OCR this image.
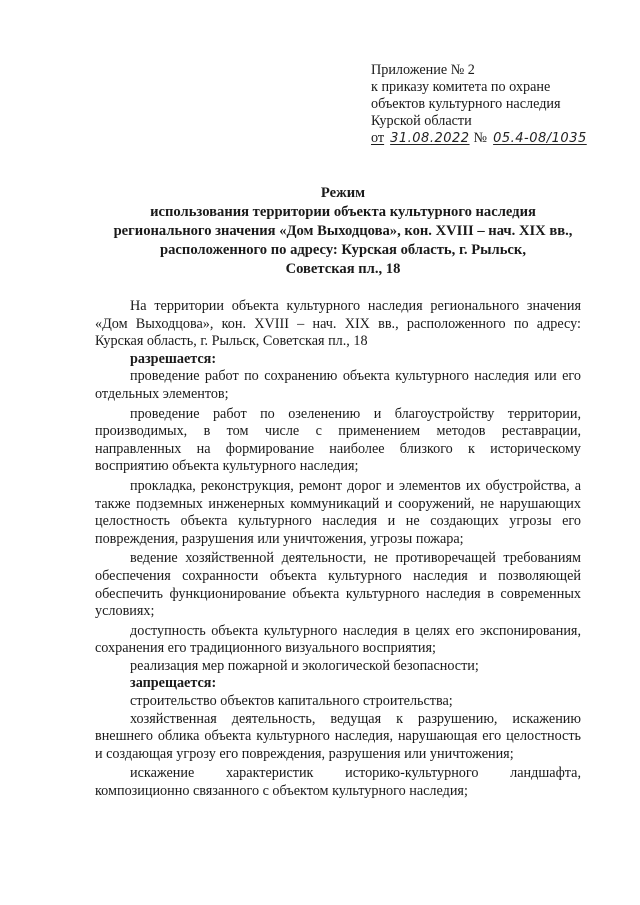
Приложение № 2
к приказу комитета по охране
объектов культурного наследия
Курской области
от 31.08.2022 № 05.4-08/1035
Режим
использования территории объекта культурного наследия
регионального значения «Дом Выходцова», кон. XVIII – нач. XIX вв.,
расположенного по адресу: Курская область, г. Рыльск,
Советская пл., 18

На территории объекта культурного наследия регионального значения «Дом Выходцова», кон. XVIII – нач. XIX вв., расположенного по адресу: Курская область, г. Рыльск, Советская пл., 18

разрешается:

проведение работ по сохранению объекта культурного наследия или его отдельных элементов;

проведение работ по озеленению и благоустройству территории, производимых, в том числе с применением методов реставрации, направленных на формирование наиболее близкого к историческому восприятию объекта культурного наследия;

прокладка, реконструкция, ремонт дорог и элементов их обустройства, а также подземных инженерных коммуникаций и сооружений, не нарушающих целостность объекта культурного наследия и не создающих угрозы его повреждения, разрушения или уничтожения, угрозы пожара;

ведение хозяйственной деятельности, не противоречащей требованиям обеспечения сохранности объекта культурного наследия и позволяющей обеспечить функционирование объекта культурного наследия в современных условиях;

доступность объекта культурного наследия в целях его экспонирования, сохранения его традиционного визуального восприятия;

реализация мер пожарной и экологической безопасности;

запрещается:

строительство объектов капитального строительства;

хозяйственная деятельность, ведущая к разрушению, искажению внешнего облика объекта культурного наследия, нарушающая его целостность и создающая угрозу его повреждения, разрушения или уничтожения;

искажение характеристик историко-культурного ландшафта, композиционно связанного с объектом культурного наследия;
